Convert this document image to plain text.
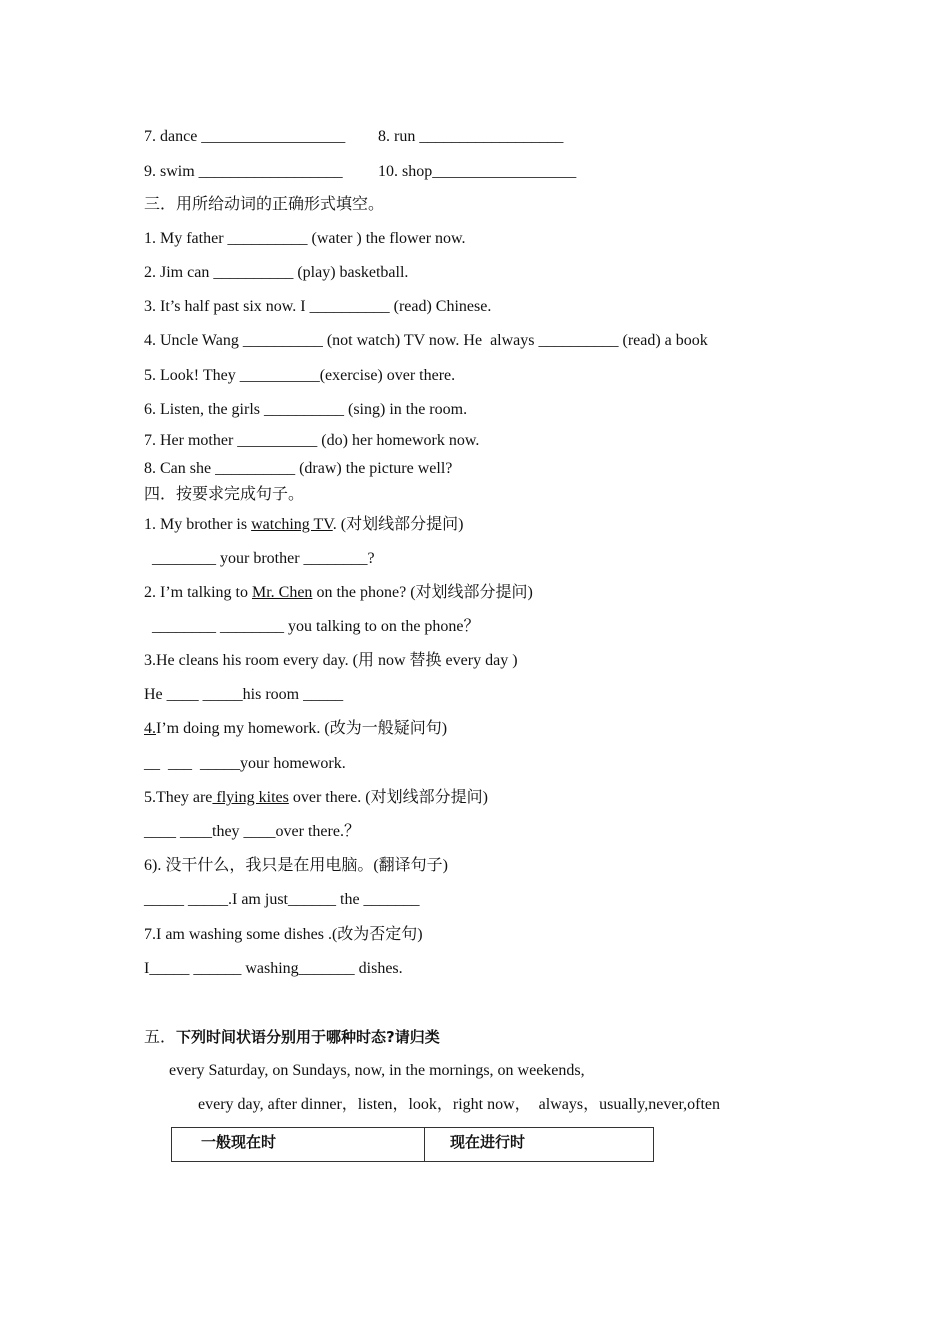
7. dance __________________ 8. run __________________
9. swim __________________ 10. shop__________________
三．用所给动词的正确形式填空。
1. My father __________ (water ) the flower now.
2. Jim can __________ (play) basketball.
3. It’s half past six now. I __________ (read) Chinese.
4. Uncle Wang __________ (not watch) TV now. He  always __________ (read) a book
5. Look! They __________(exercise) over there.
6. Listen, the girls __________ (sing) in the room.
7. Her mother __________ (do) her homework now.
8. Can she __________ (draw) the picture well?
四．按要求完成句子。
1. My brother is watching TV. (对划线部分提问)
________ your brother ________?
2. I’m talking to Mr. Chen on the phone? (对划线部分提问)
________ ________ you talking to on the phone？
3.He cleans his room every day. (用 now 替换 every day )
He ____ _____his room _____
4.I’m doing my homework. (改为一般疑问句)
__  ___  _____your homework.
5.They are flying kites over there. (对划线部分提问)
____ ____they ____over there.？
6). 没干什么，我只是在用电脑。(翻译句子)
_____ _____.I am just______ the _______
7.I am washing some dishes .(改为否定句)
I_____ ______ washing_______ dishes.
五．下列时间状语分别用于哪种时态?请归类
every Saturday, on Sundays, now, in the mornings, on weekends,
every day, after dinner，listen，look，right now，  always，usually,never,often
一般现在时	现在进行时
